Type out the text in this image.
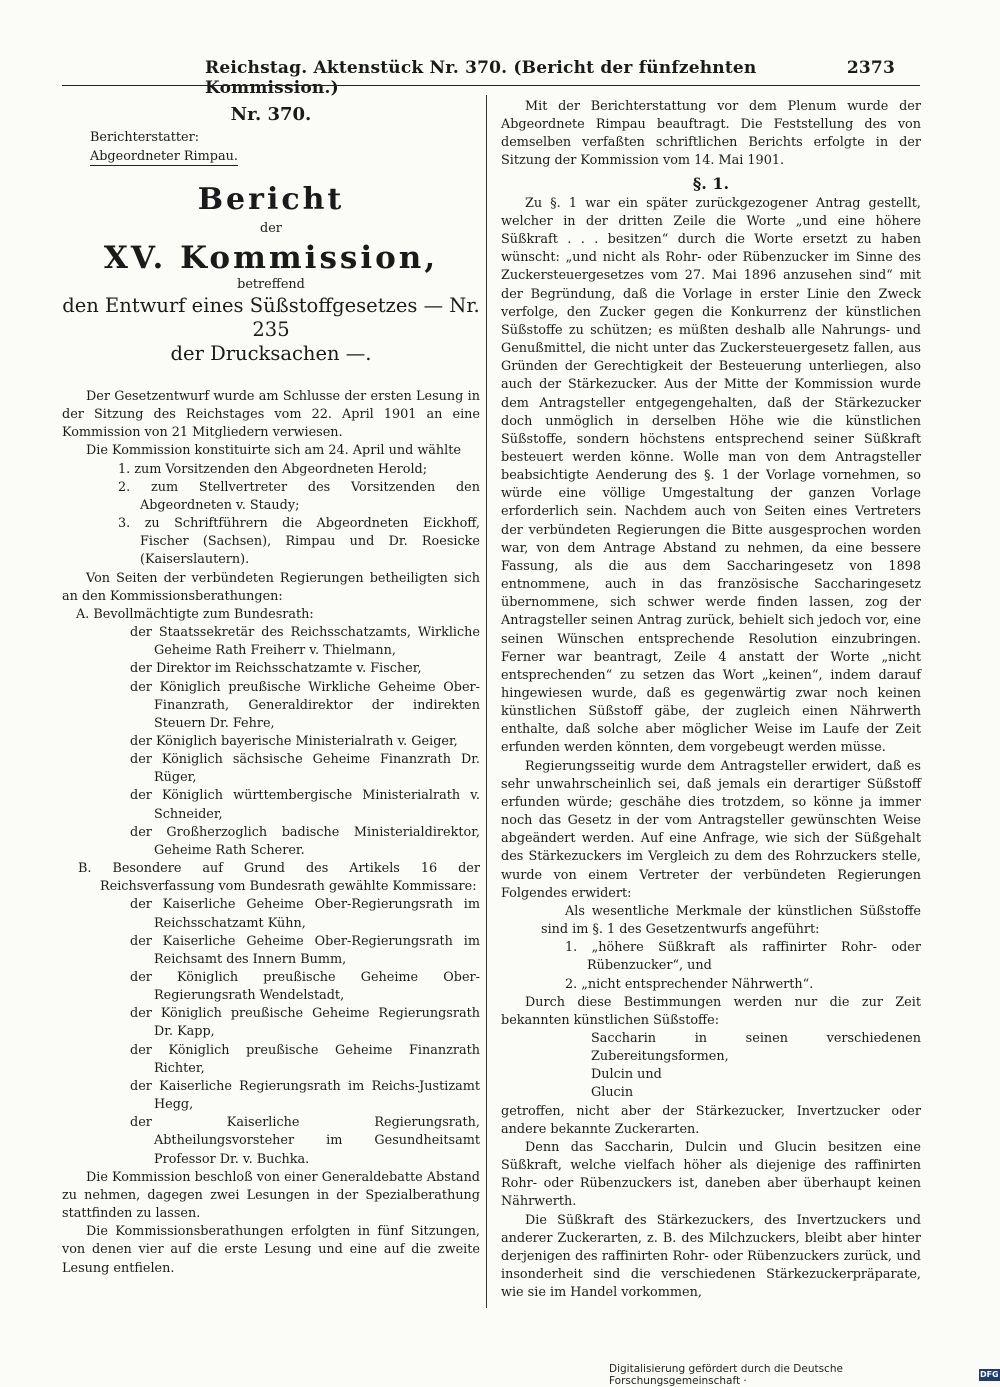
Reichstag. Aktenstück Nr. 370. (Bericht der fünfzehnten Kommission.)
2373

Nr. 370.

Berichterstatter:

Abgeordneter Rimpau.

Bericht

der

XV. Kommission,

betreffend

den Entwurf eines Süßstoffgesetzes — Nr. 235

der Drucksachen —.

Der Gesetzentwurf wurde am Schlusse der ersten Lesung in der Sitzung des Reichstages vom 22. April 1901 an eine Kommission von 21 Mitgliedern verwiesen.

Die Kommission konstituirte sich am 24. April und wählte

1. zum Vorsitzenden den Abgeordneten Herold;
2. zum Stellvertreter des Vorsitzenden den Abgeordneten v. Staudy;
3. zu Schriftführern die Abgeordneten Eickhoff, Fischer (Sachsen), Rimpau und Dr. Roesicke (Kaiserslautern).

Von Seiten der verbündeten Regierungen betheiligten sich an den Kommissionsberathungen:

A. Bevollmächtigte zum Bundesrath:

der Staatssekretär des Reichsschatzamts, Wirkliche Geheime Rath Freiherr v. Thielmann,

der Direktor im Reichsschatzamte v. Fischer,

der Königlich preußische Wirkliche Geheime Ober-Finanzrath, Generaldirektor der indirekten Steuern Dr. Fehre,

der Königlich bayerische Ministerialrath v. Geiger,

der Königlich sächsische Geheime Finanzrath Dr. Rüger,

der Königlich württembergische Ministerialrath v. Schneider,

der Großherzoglich badische Ministerialdirektor, Geheime Rath Scherer.

B. Besondere auf Grund des Artikels 16 der Reichsverfassung vom Bundesrath gewählte Kommissare:

der Kaiserliche Geheime Ober-Regierungsrath im Reichsschatzamt Kühn,

der Kaiserliche Geheime Ober-Regierungsrath im Reichsamt des Innern Bumm,

der Königlich preußische Geheime Ober-Regierungsrath Wendelstadt,

der Königlich preußische Geheime Regierungsrath Dr. Kapp,

der Königlich preußische Geheime Finanzrath Richter,

der Kaiserliche Regierungsrath im Reichs-Justizamt Hegg,

der Kaiserliche Regierungsrath, Abtheilungsvorsteher im Gesundheitsamt Professor Dr. v. Buchka.

Die Kommission beschloß von einer Generaldebatte Abstand zu nehmen, dagegen zwei Lesungen in der Spezialberathung stattfinden zu lassen.

Die Kommissionsberathungen erfolgten in fünf Sitzungen, von denen vier auf die erste Lesung und eine auf die zweite Lesung entfielen.

Mit der Berichterstattung vor dem Plenum wurde der Abgeordnete Rimpau beauftragt. Die Feststellung des von demselben verfaßten schriftlichen Berichts erfolgte in der Sitzung der Kommission vom 14. Mai 1901.

§. 1.

Zu §. 1 war ein später zurückgezogener Antrag gestellt, welcher in der dritten Zeile die Worte „und eine höhere Süßkraft . . . besitzen“ durch die Worte ersetzt zu haben wünscht: „und nicht als Rohr- oder Rübenzucker im Sinne des Zuckersteuergesetzes vom 27. Mai 1896 anzusehen sind“ mit der Begründung, daß die Vorlage in erster Linie den Zweck verfolge, den Zucker gegen die Konkurrenz der künstlichen Süßstoffe zu schützen; es müßten deshalb alle Nahrungs- und Genußmittel, die nicht unter das Zuckersteuergesetz fallen, aus Gründen der Gerechtigkeit der Besteuerung unterliegen, also auch der Stärkezucker. Aus der Mitte der Kommission wurde dem Antragsteller entgegengehalten, daß der Stärkezucker doch unmöglich in derselben Höhe wie die künstlichen Süßstoffe, sondern höchstens entsprechend seiner Süßkraft besteuert werden könne. Wolle man von dem Antragsteller beabsichtigte Aenderung des §. 1 der Vorlage vornehmen, so würde eine völlige Umgestaltung der ganzen Vorlage erforderlich sein. Nachdem auch von Seiten eines Vertreters der verbündeten Regierungen die Bitte ausgesprochen worden war, von dem Antrage Abstand zu nehmen, da eine bessere Fassung, als die aus dem Saccharingesetz von 1898 entnommene, auch in das französische Saccharingesetz übernommene, sich schwer werde finden lassen, zog der Antragsteller seinen Antrag zurück, behielt sich jedoch vor, eine seinen Wünschen entsprechende Resolution einzubringen. Ferner war beantragt, Zeile 4 anstatt der Worte „nicht entsprechenden“ zu setzen das Wort „keinen“, indem darauf hingewiesen wurde, daß es gegenwärtig zwar noch keinen künstlichen Süßstoff gäbe, der zugleich einen Nährwerth enthalte, daß solche aber möglicher Weise im Laufe der Zeit erfunden werden könnten, dem vorgebeugt werden müsse.

Regierungsseitig wurde dem Antragsteller erwidert, daß es sehr unwahrscheinlich sei, daß jemals ein derartiger Süßstoff erfunden würde; geschähe dies trotzdem, so könne ja immer noch das Gesetz in der vom Antragsteller gewünschten Weise abgeändert werden. Auf eine Anfrage, wie sich der Süßgehalt des Stärkezuckers im Vergleich zu dem des Rohrzuckers stelle, wurde von einem Vertreter der verbündeten Regierungen Folgendes erwidert:

Als wesentliche Merkmale der künstlichen Süßstoffe sind im §. 1 des Gesetzentwurfs angeführt:

1. „höhere Süßkraft als raffinirter Rohr- oder Rübenzucker“, und

2. „nicht entsprechender Nährwerth“.

Durch diese Bestimmungen werden nur die zur Zeit bekannten künstlichen Süßstoffe:

Saccharin in seinen verschiedenen Zubereitungsformen,

Dulcin und

Glucin

getroffen, nicht aber der Stärkezucker, Invertzucker oder andere bekannte Zuckerarten.

Denn das Saccharin, Dulcin und Glucin besitzen eine Süßkraft, welche vielfach höher als diejenige des raffinirten Rohr- oder Rübenzuckers ist, daneben aber überhaupt keinen Nährwerth.

Die Süßkraft des Stärkezuckers, des Invertzuckers und anderer Zuckerarten, z. B. des Milchzuckers, bleibt aber hinter derjenigen des raffinirten Rohr- oder Rübenzuckers zurück, und insonderheit sind die verschiedenen Stärkezuckerpräparate, wie sie im Handel vorkommen,

Digitalisierung gefördert durch die Deutsche Forschungsgemeinschaft ·
DFG
